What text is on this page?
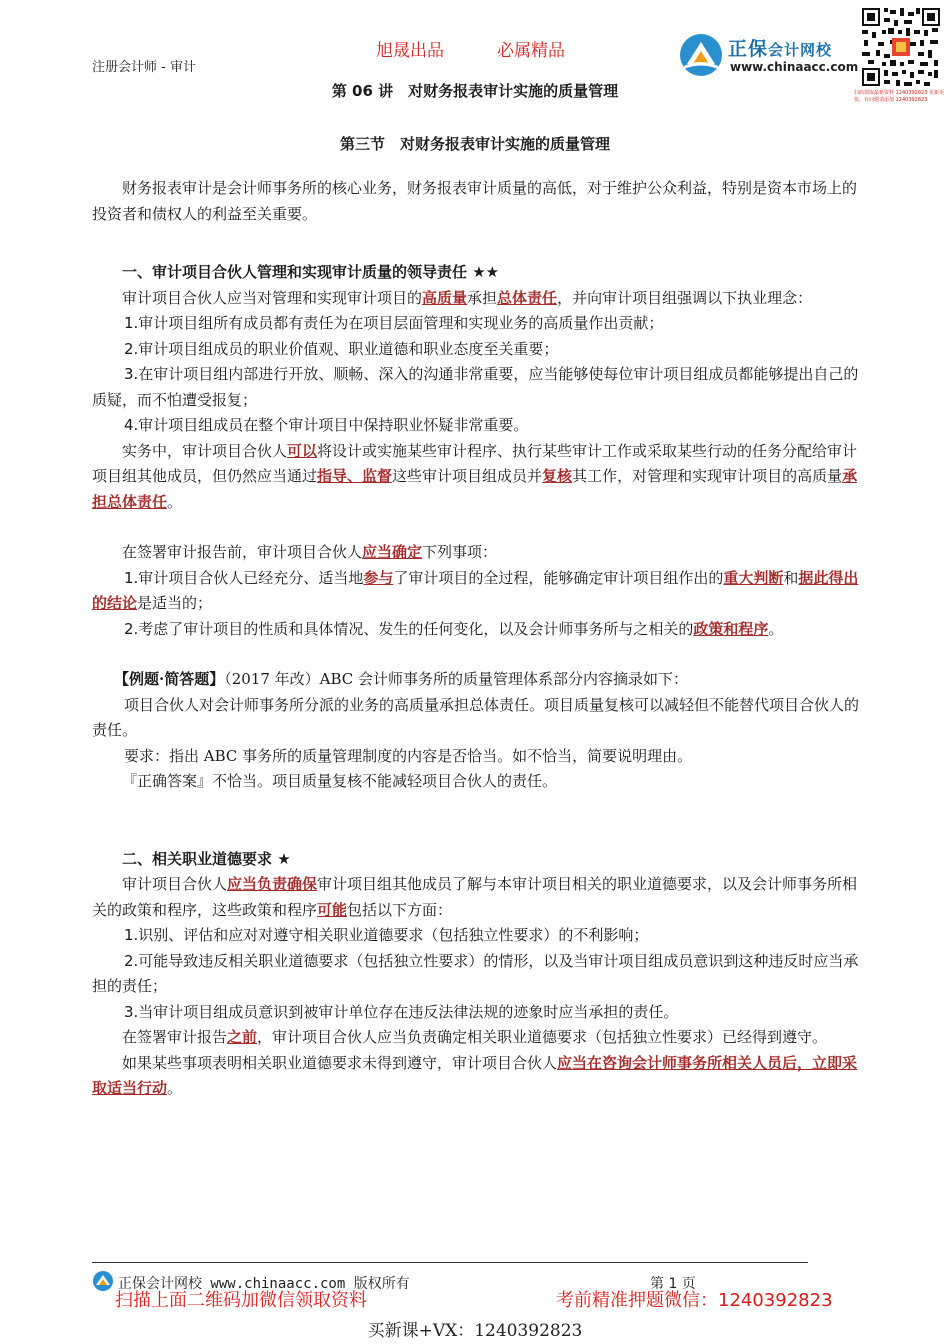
注册会计师 - 审计
旭晟出品	必属精品	正保会计网校
www.chinaacc.com
扫码领取最新资料 1240392823 更新更快，有问题请添加 1240392823
第 06 讲　对财务报表审计实施的质量管理
第三节　对财务报表审计实施的质量管理

财务报表审计是会计师事务所的核心业务，财务报表审计质量的高低，对于维护公众利益，特别是资本市场上的投资者和债权人的利益至关重要。

一、审计项目合伙人管理和实现审计质量的领导责任 ★★

审计项目合伙人应当对管理和实现审计项目的高质量承担总体责任，并向审计项目组强调以下执业理念：

1.审计项目组所有成员都有责任为在项目层面管理和实现业务的高质量作出贡献；

2.审计项目组成员的职业价值观、职业道德和职业态度至关重要；

3.在审计项目组内部进行开放、顺畅、深入的沟通非常重要，应当能够使每位审计项目组成员都能够提出自己的质疑，而不怕遭受报复；

4.审计项目组成员在整个审计项目中保持职业怀疑非常重要。

实务中，审计项目合伙人可以将设计或实施某些审计程序、执行某些审计工作或采取某些行动的任务分配给审计项目组其他成员，但仍然应当通过指导、监督这些审计项目组成员并复核其工作，对管理和实现审计项目的高质量承担总体责任。

在签署审计报告前，审计项目合伙人应当确定下列事项：

1.审计项目合伙人已经充分、适当地参与了审计项目的全过程，能够确定审计项目组作出的重大判断和据此得出的结论是适当的；

2.考虑了审计项目的性质和具体情况、发生的任何变化，以及会计师事务所与之相关的政策和程序。

【例题·简答题】（2017 年改）ABC 会计师事务所的质量管理体系部分内容摘录如下：

项目合伙人对会计师事务所分派的业务的高质量承担总体责任。项目质量复核可以减轻但不能替代项目合伙人的责任。

要求：指出 ABC 事务所的质量管理制度的内容是否恰当。如不恰当，简要说明理由。

『正确答案』不恰当。项目质量复核不能减轻项目合伙人的责任。

二、相关职业道德要求 ★

审计项目合伙人应当负责确保审计项目组其他成员了解与本审计项目相关的职业道德要求，以及会计师事务所相关的政策和程序，这些政策和程序可能包括以下方面：

1.识别、评估和应对对遵守相关职业道德要求（包括独立性要求）的不利影响；

2.可能导致违反相关职业道德要求（包括独立性要求）的情形，以及当审计项目组成员意识到这种违反时应当承担的责任；

3.当审计项目组成员意识到被审计单位存在违反法律法规的迹象时应当承担的责任。

在签署审计报告之前，审计项目合伙人应当负责确定相关职业道德要求（包括独立性要求）已经得到遵守。

如果某些事项表明相关职业道德要求未得到遵守，审计项目合伙人应当在咨询会计师事务所相关人员后，立即采取适当行动。

正保会计网校 www.chinaacc.com 版权所有	第 1 页
扫描上面二维码加微信领取资料	考前精准押题微信：1240392823
买新课+VX：1240392823
